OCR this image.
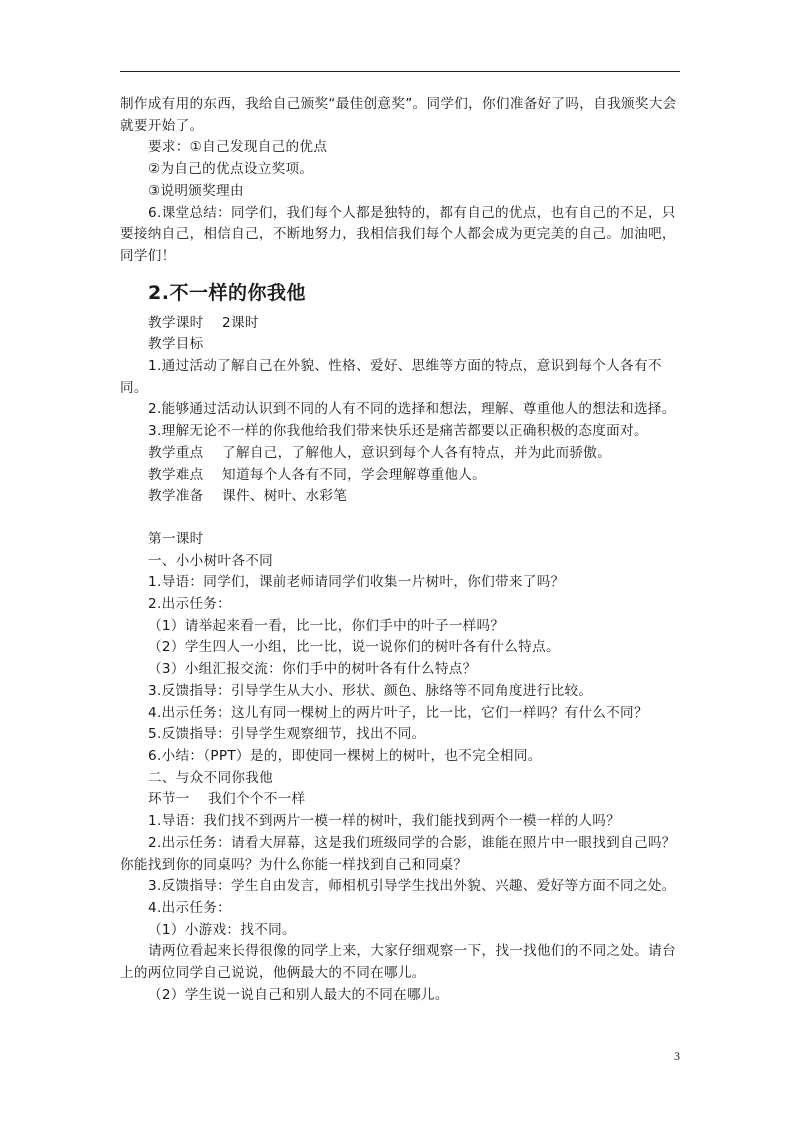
制作成有用的东西，我给自己颁奖“最佳创意奖”。同学们，你们准备好了吗，自我颁奖大会就要开始了。

要求：①自己发现自己的优点

②为自己的优点设立奖项。

③说明颁奖理由

6.课堂总结：同学们，我们每个人都是独特的，都有自己的优点，也有自己的不足，只要接纳自己，相信自己，不断地努力，我相信我们每个人都会成为更完美的自己。加油吧，同学们！

2.不一样的你我他

教学课时    2课时

教学目标

1.通过活动了解自己在外貌、性格、爱好、思维等方面的特点，意识到每个人各有不同。

2.能够通过活动认识到不同的人有不同的选择和想法，理解、尊重他人的想法和选择。

3.理解无论不一样的你我他给我们带来快乐还是痛苦都要以正确积极的态度面对。

教学重点    了解自己，了解他人，意识到每个人各有特点，并为此而骄傲。

教学难点    知道每个人各有不同，学会理解尊重他人。

教学准备    课件、树叶、水彩笔

第一课时

一、小小树叶各不同

1.导语：同学们，课前老师请同学们收集一片树叶，你们带来了吗？

2.出示任务：

（1）请举起来看一看，比一比，你们手中的叶子一样吗？

（2）学生四人一小组，比一比，说一说你们的树叶各有什么特点。

（3）小组汇报交流：你们手中的树叶各有什么特点？

3.反馈指导：引导学生从大小、形状、颜色、脉络等不同角度进行比较。

4.出示任务：这儿有同一棵树上的两片叶子，比一比，它们一样吗？有什么不同？

5.反馈指导：引导学生观察细节，找出不同。

6.小结：（PPT）是的，即使同一棵树上的树叶，也不完全相同。

二、与众不同你我他

环节一    我们个个不一样

1.导语：我们找不到两片一模一样的树叶，我们能找到两个一模一样的人吗？

2.出示任务：请看大屏幕，这是我们班级同学的合影，谁能在照片中一眼找到自己吗？你能找到你的同桌吗？为什么你能一样找到自己和同桌？

3.反馈指导：学生自由发言，师相机引导学生找出外貌、兴趣、爱好等方面不同之处。

4.出示任务：

（1）小游戏：找不同。

请两位看起来长得很像的同学上来，大家仔细观察一下，找一找他们的不同之处。请台上的两位同学自己说说，他俩最大的不同在哪儿。

（2）学生说一说自己和别人最大的不同在哪儿。

3
